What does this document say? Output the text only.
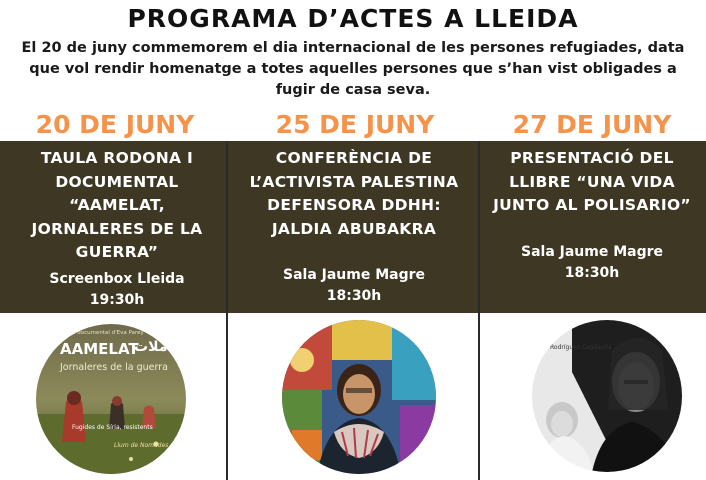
PROGRAMA D’ACTES A LLEIDA
El 20 de juny commemorem el dia internacional de les persones refugiades, data que vol rendir homenatge a totes aquelles persones que s’han vist obligades a fugir de casa seva.
20 DE JUNY	25 DE JUNY	27 DE JUNY
TAULA RODONA I DOCUMENTAL “AAMELAT, JORNALERES DE LA GUERRA”
Screenbox Lleida
19:30h
CONFERÈNCIA DE L’ACTIVISTA PALESTINA DEFENSORA DDHH: JALDIA ABUBAKRA
Sala Jaume Magre
18:30h
PRESENTACIÓ DEL LLIBRE “UNA VIDA JUNTO AL POLISARIO”
Sala Jaume Magre
18:30h
Un documental d'Eva Parey
AAMELAT
عاملات
Jornaleres de la guerra
Fugides de Síria, resistents
Llum de Nomades
Rodríguez Capdevila
